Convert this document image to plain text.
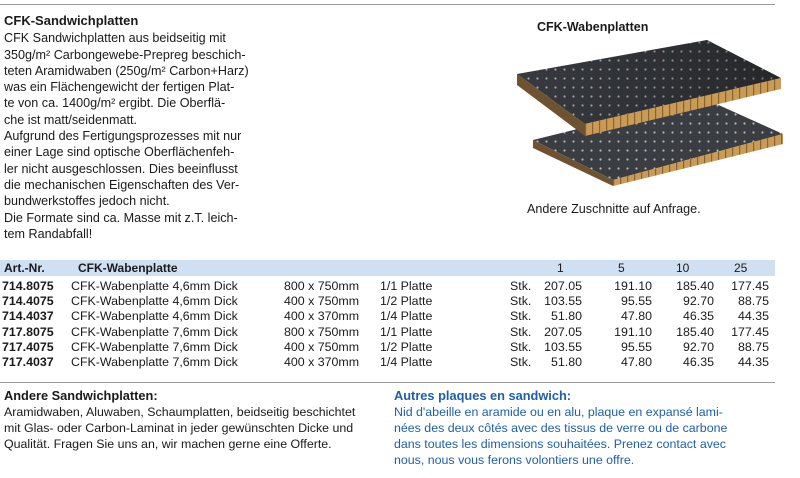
CFK-Sandwichplatten

CFK Sandwichplatten aus beidseitig mit

350g/m² Carbongewebe-Prepreg beschich-

teten Aramidwaben (250g/m² Carbon+Harz)

was ein Flächengewicht der fertigen Plat-

te von ca. 1400g/m² ergibt. Die Oberflä-

che ist matt/seidenmatt.

Aufgrund des Fertigungsprozesses mit nur

einer Lage sind optische Oberflächenfeh-

ler nicht ausgeschlossen. Dies beeinflusst

die mechanischen Eigenschaften des Ver-

bundwerkstoffes jedoch nicht.

Die Formate sind ca. Masse mit z.T. leich-

tem Randabfall!

CFK-Wabenplatten
Andere Zuschnitte auf Anfrage.
Art.-Nr.	CFK-Wabenplatte	1	5	10	25
714.8075 CFK-Wabenplatte 4,6mm Dick	800 x 750mm 1/1 Platte	Stk.	207.05	191.10	185.40	177.45
714.4075 CFK-Wabenplatte 4,6mm Dick	400 x 750mm 1/2 Platte	Stk.	103.55	95.55	92.70	88.75
714.4037 CFK-Wabenplatte 4,6mm Dick	400 x 370mm 1/4 Platte	Stk.	51.80	47.80	46.35	44.35
717.8075 CFK-Wabenplatte 7,6mm Dick	800 x 750mm 1/1 Platte	Stk.	207.05	191.10	185.40	177.45
717.4075 CFK-Wabenplatte 7,6mm Dick	400 x 750mm 1/2 Platte	Stk.	103.55	95.55	92.70	88.75
717.4037 CFK-Wabenplatte 7,6mm Dick	400 x 370mm 1/4 Platte	Stk.	51.80	47.80	46.35	44.35
Andere Sandwichplatten:
Aramidwaben, Aluwaben, Schaumplatten, beidseitig beschichtet
mit Glas- oder Carbon-Laminat in jeder gewünschten Dicke und
Qualität. Fragen Sie uns an, wir machen gerne eine Offerte.
Autres plaques en sandwich:
Nid d'abeille en aramide ou en alu, plaque en expansé lami-
nées des deux côtés avec des tissus de verre ou de carbone
dans toutes les dimensions souhaitées. Prenez contact avec
nous, nous vous ferons volontiers une offre.
